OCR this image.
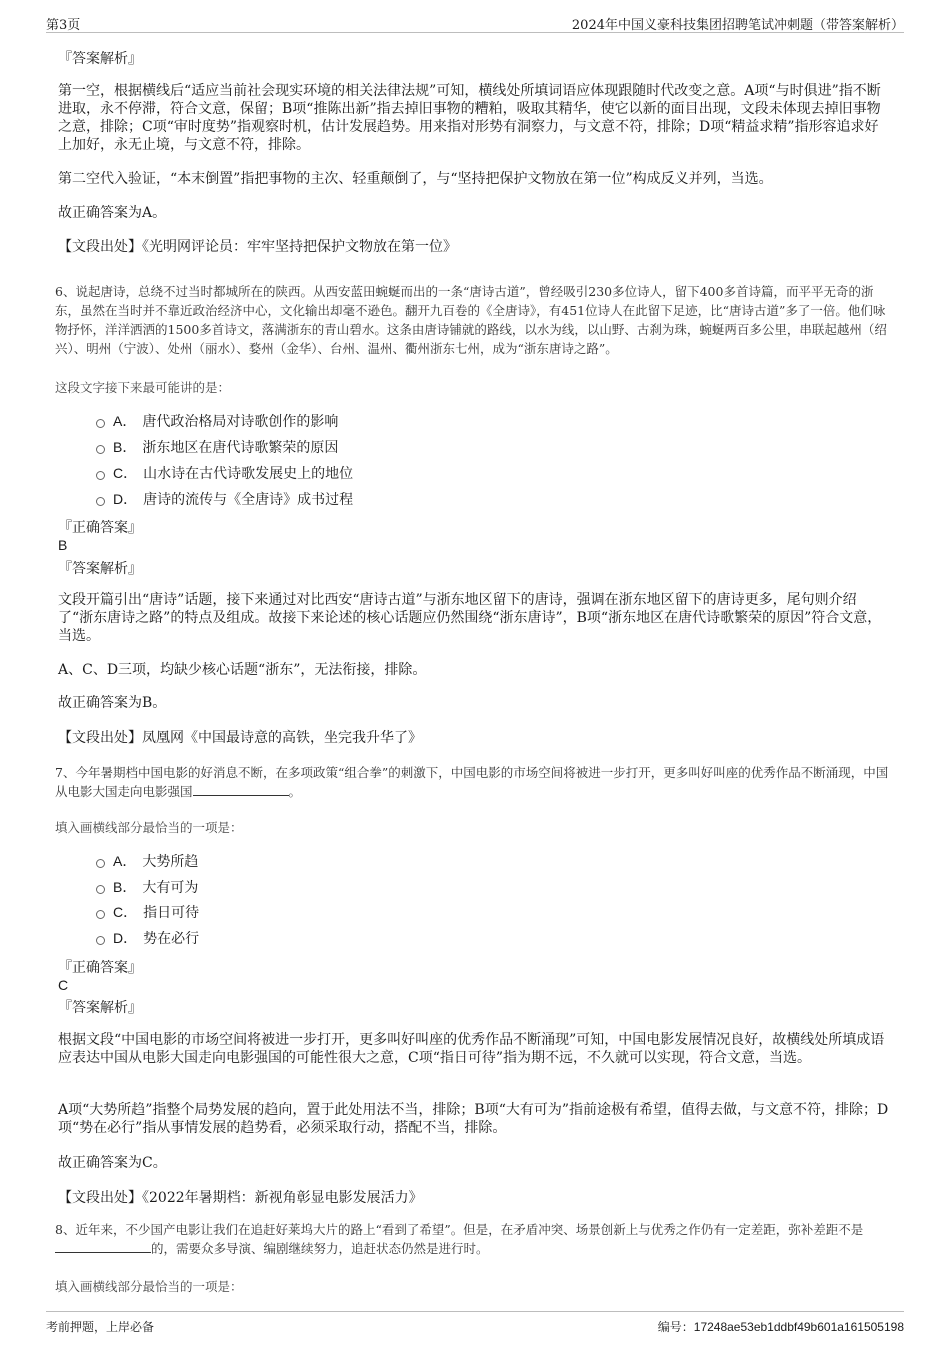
第3页	2024年中国义豪科技集团招聘笔试冲刺题（带答案解析）
『答案解析』
第一空，根据横线后“适应当前社会现实环境的相关法律法规”可知，横线处所填词语应体现跟随时代改变之意。A项“与时俱进”指不断进取，永不停滞，符合文意，保留；B项“推陈出新”指去掉旧事物的糟粕，吸取其精华，使它以新的面目出现，文段未体现去掉旧事物之意，排除；C项“审时度势”指观察时机，估计发展趋势。用来指对形势有洞察力，与文意不符，排除；D项“精益求精”指形容追求好上加好，永无止境，与文意不符，排除。
第二空代入验证，“本末倒置”指把事物的主次、轻重颠倒了，与“坚持把保护文物放在第一位”构成反义并列，当选。
故正确答案为A。
【文段出处】《光明网评论员：牢牢坚持把保护文物放在第一位》
6、说起唐诗，总绕不过当时都城所在的陕西。从西安蓝田蜿蜒而出的一条“唐诗古道”，曾经吸引230多位诗人，留下400多首诗篇，而平平无奇的浙东，虽然在当时并不靠近政治经济中心，文化输出却毫不逊色。翻开九百卷的《全唐诗》，有451位诗人在此留下足迹，比“唐诗古道”多了一倍。他们咏物抒怀，洋洋洒洒的1500多首诗文，落满浙东的青山碧水。这条由唐诗铺就的路线，以水为线，以山野、古刹为珠，蜿蜒两百多公里，串联起越州（绍兴）、明州（宁波）、处州（丽水）、婺州（金华）、台州、温州、衢州浙东七州，成为“浙东唐诗之路”。
这段文字接下来最可能讲的是：
A． 唐代政治格局对诗歌创作的影响
B． 浙东地区在唐代诗歌繁荣的原因
C． 山水诗在古代诗歌发展史上的地位
D． 唐诗的流传与《全唐诗》成书过程
『正确答案』
B
『答案解析』
文段开篇引出“唐诗”话题，接下来通过对比西安“唐诗古道”与浙东地区留下的唐诗，强调在浙东地区留下的唐诗更多，尾句则介绍了“浙东唐诗之路”的特点及组成。故接下来论述的核心话题应仍然围绕“浙东唐诗”，B项“浙东地区在唐代诗歌繁荣的原因”符合文意，当选。
A、C、D三项，均缺少核心话题“浙东”，无法衔接，排除。
故正确答案为B。
【文段出处】凤凰网《中国最诗意的高铁，坐完我升华了》
7、今年暑期档中国电影的好消息不断，在多项政策“组合拳”的刺激下，中国电影的市场空间将被进一步打开，更多叫好叫座的优秀作品不断涌现，中国从电影大国走向电影强国	。
填入画横线部分最恰当的一项是：
A． 大势所趋
B． 大有可为
C． 指日可待
D． 势在必行
『正确答案』
C
『答案解析』
根据文段“中国电影的市场空间将被进一步打开，更多叫好叫座的优秀作品不断涌现”可知，中国电影发展情况良好，故横线处所填成语应表达中国从电影大国走向电影强国的可能性很大之意，C项“指日可待”指为期不远，不久就可以实现，符合文意，当选。
A项“大势所趋”指整个局势发展的趋向，置于此处用法不当，排除；B项“大有可为”指前途极有希望，值得去做，与文意不符，排除；D项“势在必行”指从事情发展的趋势看，必须采取行动，搭配不当，排除。
故正确答案为C。
【文段出处】《2022年暑期档：新视角彰显电影发展活力》
8、近年来，不少国产电影让我们在追赶好莱坞大片的路上“看到了希望”。但是，在矛盾冲突、场景创新上与优秀之作仍有一定差距，弥补差距不是的，需要众多导演、编剧继续努力，追赶状态仍然是进行时。
填入画横线部分最恰当的一项是：
考前押题，上岸必备	编号：17248ae53eb1ddbf49b601a161505198
